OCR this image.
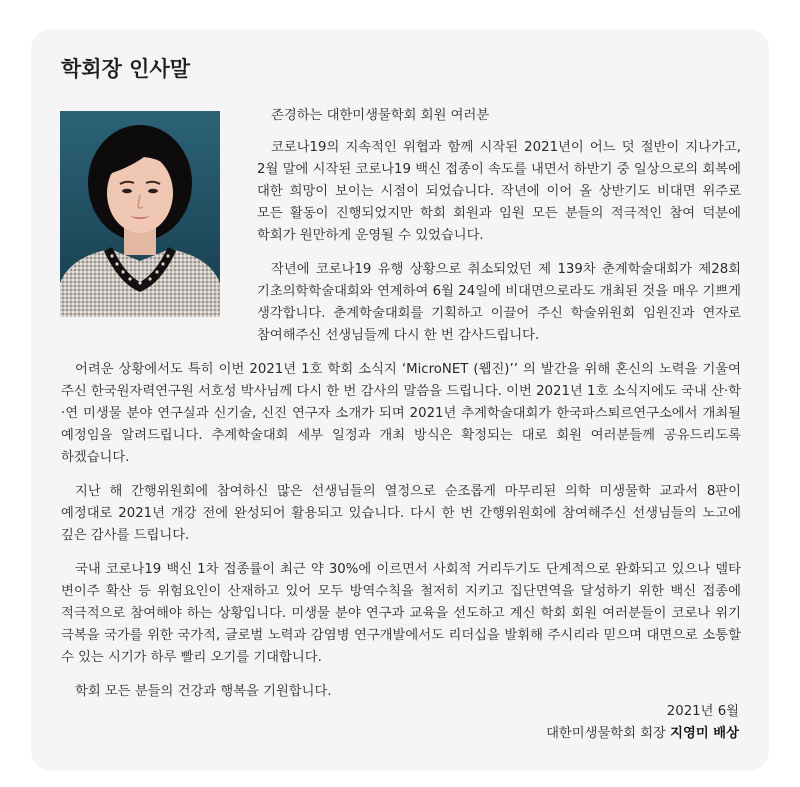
학회장 인사말

존경하는 대한미생물학회 회원 여러분

코로나19의 지속적인 위협과 함께 시작된 2021년이 어느 덧 절반이 지나가고, 2월 말에 시작된 코로나19 백신 접종이 속도를 내면서 하반기 중 일상으로의 회복에 대한 희망이 보이는 시점이 되었습니다. 작년에 이어 올 상반기도 비대면 위주로 모든 활동이 진행되었지만 학회 회원과 임원 모든 분들의 적극적인 참여 덕분에 학회가 원만하게 운영될 수 있었습니다.

작년에 코로나19 유행 상황으로 취소되었던 제 139차 춘계학술대회가 제28회 기초의학학술대회와 연계하여 6월 24일에 비대면으로라도 개최된 것을 매우 기쁘게 생각합니다. 춘계학술대회를 기획하고 이끌어 주신 학술위원회 임원진과 연자로 참여해주신 선생님들께 다시 한 번 감사드립니다.

어려운 상황에서도 특히 이번 2021년 1호 학회 소식지 ‘MicroNET (웹진)’’ 의 발간을 위해 혼신의 노력을 기울여 주신 한국원자력연구원 서호성 박사님께 다시 한 번 감사의 말씀을 드립니다. 이번 2021년 1호 소식지에도 국내 산·학·연 미생물 분야 연구실과 신기술, 신진 연구자 소개가 되며 2021년 추계학술대회가 한국파스퇴르연구소에서 개최될 예정임을 알려드립니다. 추계학술대회 세부 일정과 개최 방식은 확정되는 대로 회원 여러분들께 공유드리도록 하겠습니다.

지난 해 간행위원회에 참여하신 많은 선생님들의 열정으로 순조롭게 마무리된 의학 미생물학 교과서 8판이 예정대로 2021년 개강 전에 완성되어 활용되고 있습니다. 다시 한 번 간행위원회에 참여해주신 선생님들의 노고에 깊은 감사를 드립니다.

국내 코로나19 백신 1차 접종률이 최근 약 30%에 이르면서 사회적 거리두기도 단계적으로 완화되고 있으나 델타 변이주 확산 등 위험요인이 산재하고 있어 모두 방역수칙을 철저히 지키고 집단면역을 달성하기 위한 백신 접종에 적극적으로 참여해야 하는 상황입니다. 미생물 분야 연구과 교육을 선도하고 계신 학회 회원 여러분들이 코로나 위기 극복을 국가를 위한 국가적, 글로벌 노력과 감염병 연구개발에서도 리더십을 발휘해 주시리라 믿으며 대면으로 소통할 수 있는 시기가 하루 빨리 오기를 기대합니다.

학회 모든 분들의 건강과 행복을 기원합니다.

2021년 6월
대한미생물학회 회장 지영미 배상
